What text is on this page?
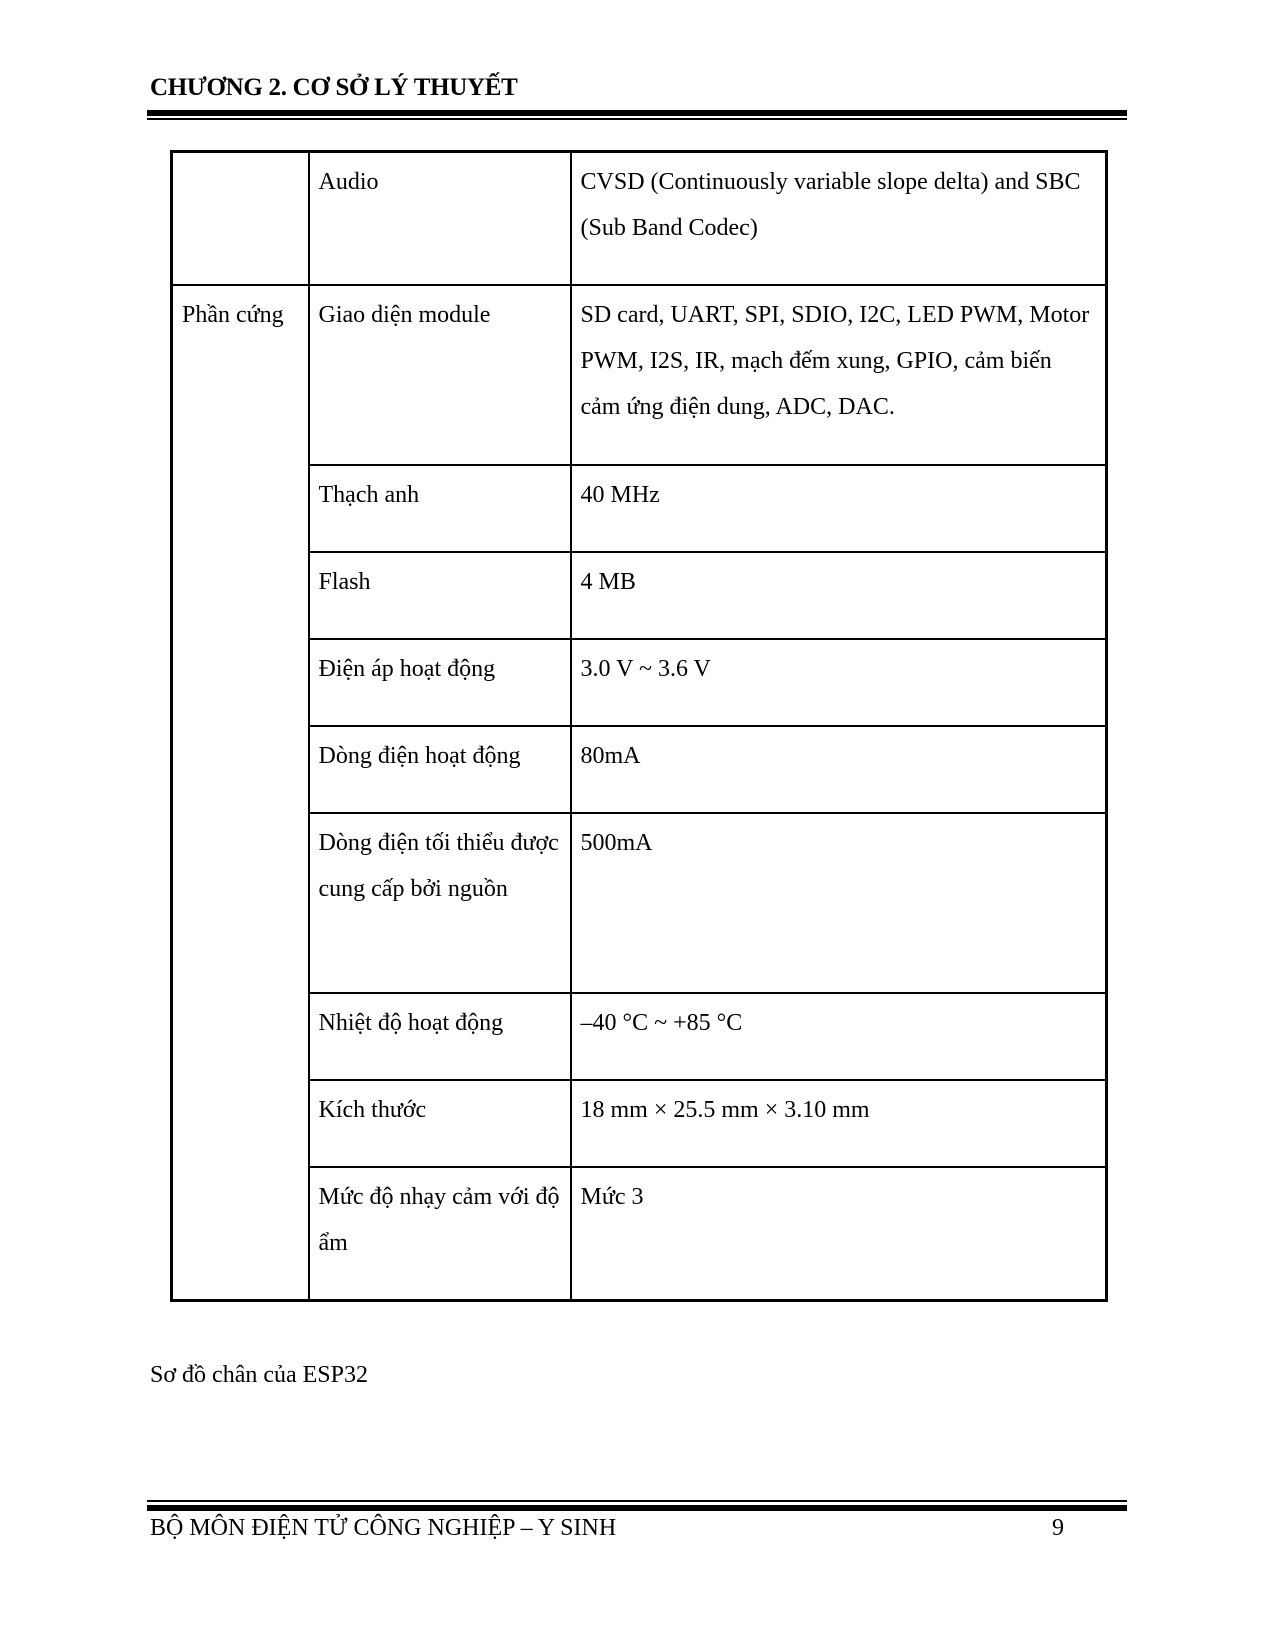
CHƯƠNG 2. CƠ SỞ LÝ THUYẾT
	Audio	CVSD (Continuously variable slope delta) and SBC (Sub Band Codec)
Phần cứng	Giao diện module	SD card, UART, SPI, SDIO, I2C, LED PWM, Motor PWM, I2S, IR, mạch đếm xung, GPIO, cảm biến cảm ứng điện dung, ADC, DAC.
	Thạch anh	40 MHz
	Flash	4 MB
	Điện áp hoạt động	3.0 V ~ 3.6 V
	Dòng điện hoạt động	80mA
	Dòng điện tối thiểu được cung cấp bởi nguồn	500mA
	Nhiệt độ hoạt động	–40 °C ~ +85 °C
	Kích thước	18 mm × 25.5 mm × 3.10 mm
	Mức độ nhạy cảm với độ ẩm	Mức 3
Sơ đồ chân của ESP32
BỘ MÔN ĐIỆN TỬ CÔNG NGHIỆP – Y SINH	9
